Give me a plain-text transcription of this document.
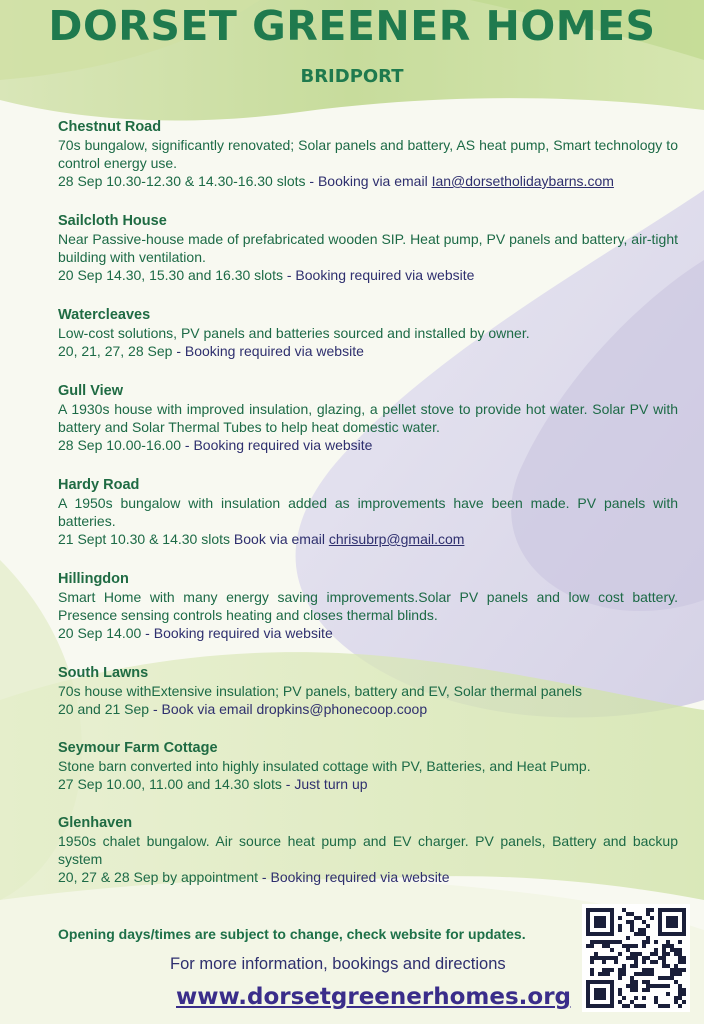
DORSET GREENER HOMES
BRIDPORT

Chestnut Road

70s bungalow, significantly renovated; Solar panels and battery, AS heat pump, Smart technology to control energy use.

28 Sep 10.30-12.30 & 14.30-16.30 slots - Booking via email Ian@dorsetholidaybarns.com

Sailcloth House

Near Passive-house made of prefabricated wooden SIP. Heat pump, PV panels and battery, air-tight building with ventilation.

20 Sep 14.30, 15.30 and 16.30 slots - Booking required via website

Watercleaves

Low-cost solutions, PV panels and batteries sourced and installed by owner.

20, 21, 27, 28 Sep - Booking required via website

Gull View

A 1930s house with improved insulation, glazing, a pellet stove to provide hot water. Solar PV with battery and Solar Thermal Tubes to help heat domestic water.

28 Sep 10.00-16.00 - Booking required via website

Hardy Road

A 1950s bungalow with insulation added as improvements have been made. PV panels with batteries.

21 Sept 10.30 & 14.30 slots Book via email chrisubrp@gmail.com

Hillingdon

Smart Home with many energy saving improvements.Solar PV panels and low cost battery. Presence sensing controls heating and closes thermal blinds.

20 Sep 14.00 - Booking required via website

South Lawns

70s house withExtensive insulation; PV panels, battery and EV, Solar thermal panels

20 and 21 Sep - Book via email dropkins@phonecoop.coop

Seymour Farm Cottage

Stone barn converted into highly insulated cottage with PV, Batteries, and Heat Pump.

27 Sep 10.00, 11.00 and 14.30 slots - Just turn up

Glenhaven

1950s chalet bungalow. Air source heat pump and EV charger. PV panels, Battery and backup system

20, 27 & 28 Sep by appointment - Booking required via website

Opening days/times are subject to change, check website for updates.

For more information, bookings and directions

www.dorsetgreenerhomes.org
